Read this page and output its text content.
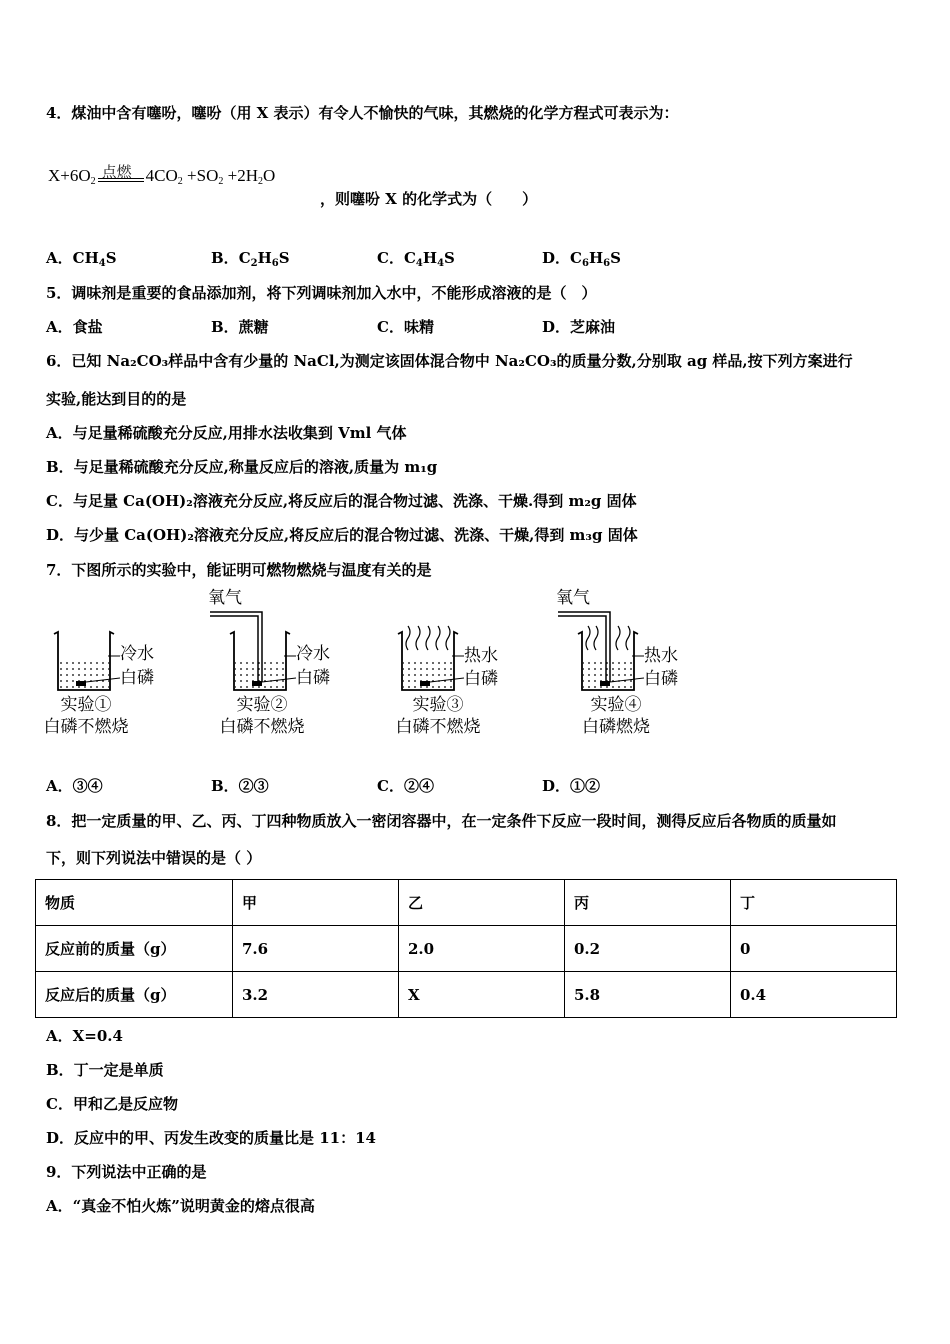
4．煤油中含有噻吩，噻吩（用 X 表示）有令人不愉快的气味，其燃烧的化学方程式可表示为：
$X+6O_2$
点燃 $4CO_2 +SO_2 +2H_2O$
，则噻吩 X 的化学式为（　　）
A．$CH_4S$	B．$C_2H_6S$	C．$C_4H_4S$	D．$C_6H_6S$
5．调味剂是重要的食品添加剂，将下列调味剂加入水中，不能形成溶液的是（　）
A．食盐	B．蔗糖	C．味精	D．芝麻油
6．已知 Na₂CO₃样品中含有少量的 NaCl,为测定该固体混合物中 Na₂CO₃的质量分数,分别取 ag 样品,按下列方案进行
实验,能达到目的的是
A．与足量稀硫酸充分反应,用排水法收集到 Vml 气体
B．与足量稀硫酸充分反应,称量反应后的溶液,质量为 m₁g
C．与足量 Ca(OH)₂溶液充分反应,将反应后的混合物过滤、洗涤、干燥.得到 m₂g 固体
D．与少量 Ca(OH)₂溶液充分反应,将反应后的混合物过滤、洗涤、干燥,得到 m₃g 固体
7．下图所示的实验中，能证明可燃物燃烧与温度有关的是
氧气	氧气
冷水
白磷
冷水
白磷
热水
白磷
热水
白磷
实验①
白磷不燃烧
实验②
白磷不燃烧
实验③
白磷不燃烧
实验④
白磷燃烧
A．③④	B．②③	C．②④	D．①②
8．把一定质量的甲、乙、丙、丁四种物质放入一密闭容器中，在一定条件下反应一段时间，测得反应后各物质的质量如
下，则下列说法中错误的是（ ）
物质	甲	乙	丙	丁
反应前的质量（g）	7.6	2.0	0.2	0
反应后的质量（g）	3.2	X	5.8	0.4
A．X=0.4
B．丁一定是单质
C．甲和乙是反应物
D．反应中的甲、丙发生改变的质量比是 11：14
9．下列说法中正确的是
A．“真金不怕火炼”说明黄金的熔点很高
